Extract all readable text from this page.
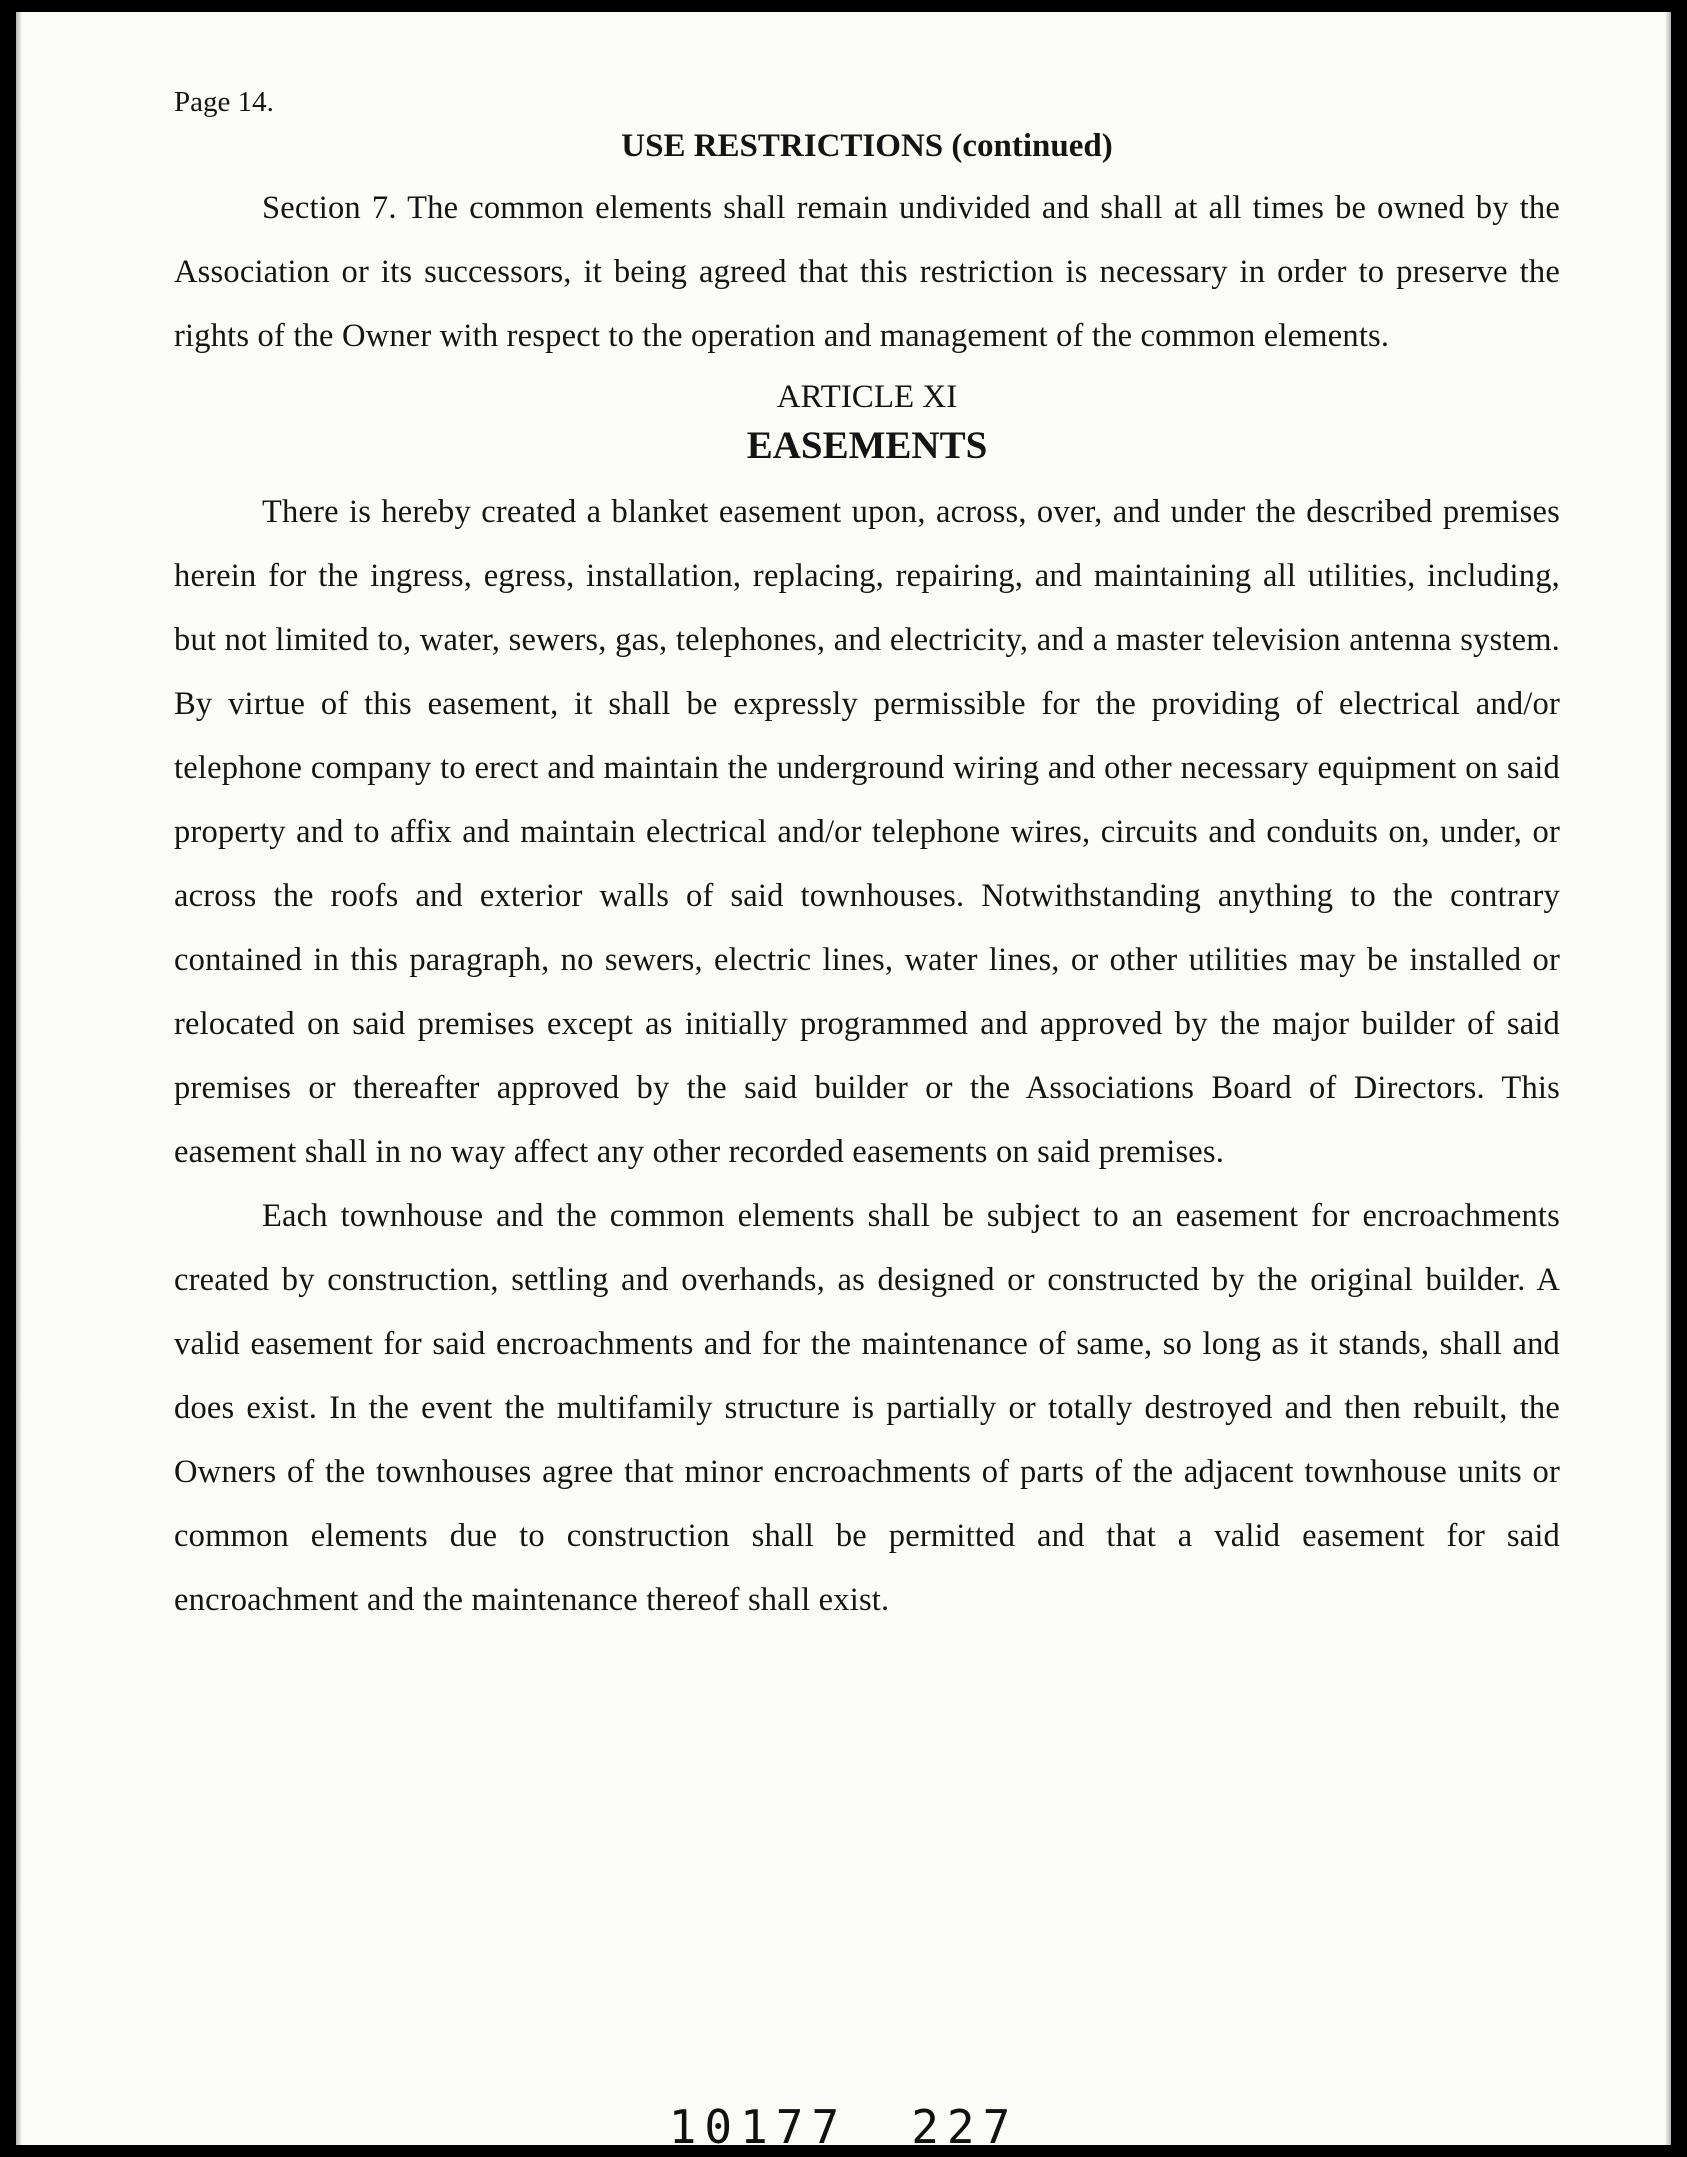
Page 14.
USE RESTRICTIONS (continued)

Section 7. The common elements shall remain undivided and shall at all times be owned by the Association or its successors, it being agreed that this restriction is necessary in order to preserve the rights of the Owner with respect to the operation and management of the common elements.

ARTICLE XI
EASEMENTS

There is hereby created a blanket easement upon, across, over, and under the described premises herein for the ingress, egress, installation, replacing, repairing, and maintaining all utilities, including, but not limited to, water, sewers, gas, telephones, and electricity, and a master television antenna system. By virtue of this easement, it shall be expressly permissible for the providing of electrical and/or telephone company to erect and maintain the underground wiring and other necessary equipment on said property and to affix and maintain electrical and/or telephone wires, circuits and conduits on, under, or across the roofs and exterior walls of said townhouses. Notwithstanding anything to the contrary contained in this paragraph, no sewers, electric lines, water lines, or other utilities may be installed or relocated on said premises except as initially programmed and approved by the major builder of said premises or thereafter approved by the said builder or the Associations Board of Directors. This easement shall in no way affect any other recorded easements on said premises.

Each townhouse and the common elements shall be subject to an easement for encroachments created by construction, settling and overhands, as designed or constructed by the original builder. A valid easement for said encroachments and for the maintenance of same, so long as it stands, shall and does exist. In the event the multifamily structure is partially or totally destroyed and then rebuilt, the Owners of the townhouses agree that minor encroachments of parts of the adjacent townhouse units or common elements due to construction shall be permitted and that a valid easement for said encroachment and the maintenance thereof shall exist.

10177 227
